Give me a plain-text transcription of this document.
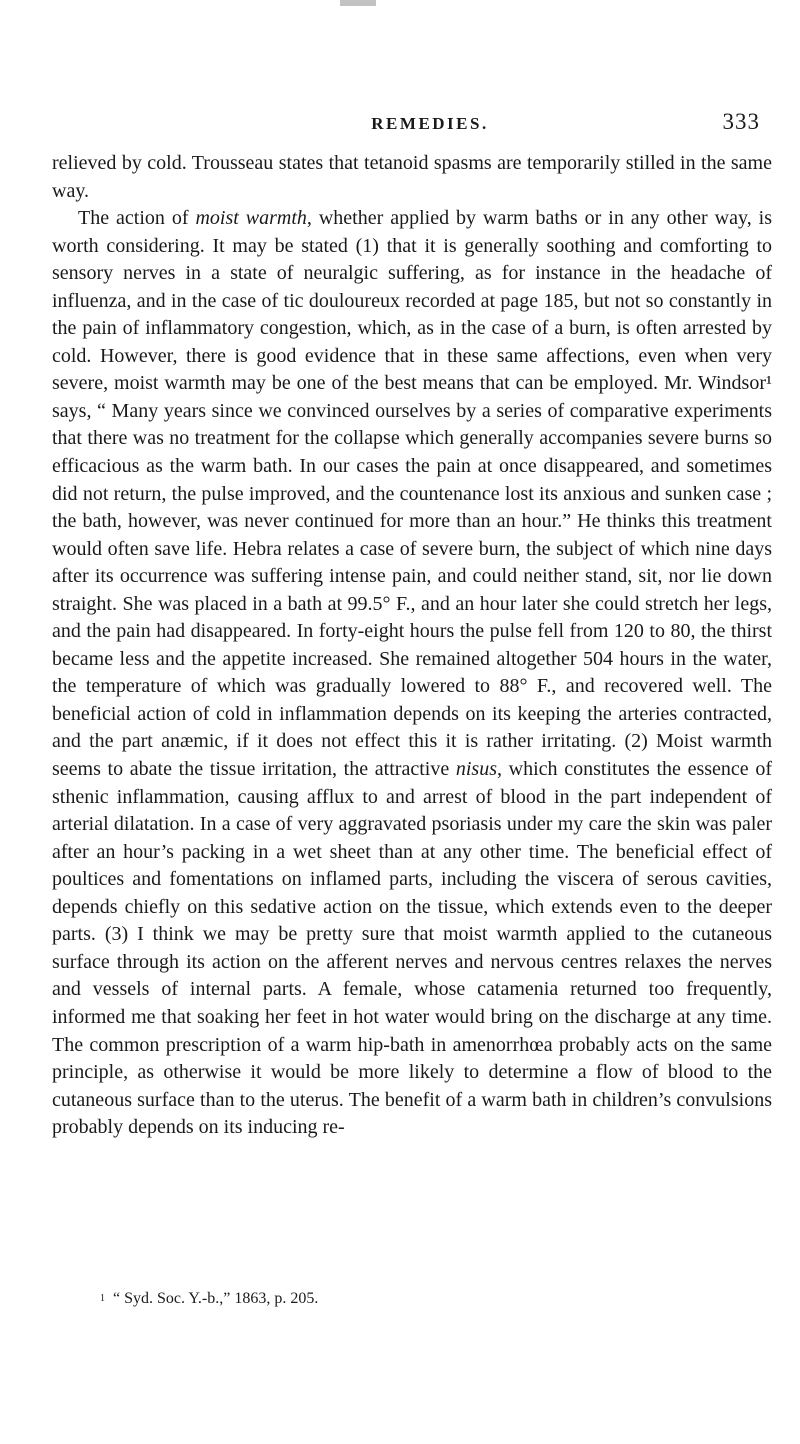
REMEDIES.	333

relieved by cold. Trousseau states that tetanoid spasms are temporarily stilled in the same way.

The action of moist warmth, whether applied by warm baths or in any other way, is worth considering. It may be stated (1) that it is generally soothing and comforting to sensory nerves in a state of neuralgic suffering, as for instance in the headache of influenza, and in the case of tic douloureux recorded at page 185, but not so constantly in the pain of inflammatory congestion, which, as in the case of a burn, is often arrested by cold. However, there is good evidence that in these same affections, even when very severe, moist warmth may be one of the best means that can be employed. Mr. Windsor¹ says, “ Many years since we convinced ourselves by a series of comparative experiments that there was no treatment for the collapse which generally accompanies severe burns so efficacious as the warm bath. In our cases the pain at once disappeared, and sometimes did not return, the pulse improved, and the countenance lost its anxious and sunken case ; the bath, however, was never continued for more than an hour.” He thinks this treatment would often save life. Hebra relates a case of severe burn, the subject of which nine days after its occurrence was suffering intense pain, and could neither stand, sit, nor lie down straight. She was placed in a bath at 99.5° F., and an hour later she could stretch her legs, and the pain had disappeared. In forty-eight hours the pulse fell from 120 to 80, the thirst became less and the appetite increased. She remained altogether 504 hours in the water, the temperature of which was gradually lowered to 88° F., and recovered well. The beneficial action of cold in inflammation depends on its keeping the arteries contracted, and the part anæmic, if it does not effect this it is rather irritating. (2) Moist warmth seems to abate the tissue irritation, the attractive nisus, which constitutes the essence of sthenic inflammation, causing afflux to and arrest of blood in the part independent of arterial dilatation. In a case of very aggravated psoriasis under my care the skin was paler after an hour’s packing in a wet sheet than at any other time. The beneficial effect of poultices and fomentations on inflamed parts, including the viscera of serous cavities, depends chiefly on this sedative action on the tissue, which extends even to the deeper parts. (3) I think we may be pretty sure that moist warmth applied to the cutaneous surface through its action on the afferent nerves and nervous centres relaxes the nerves and vessels of internal parts. A female, whose catamenia returned too frequently, informed me that soaking her feet in hot water would bring on the discharge at any time. The common prescription of a warm hip-bath in amenorrhœa probably acts on the same principle, as otherwise it would be more likely to determine a flow of blood to the cutaneous surface than to the uterus. The benefit of a warm bath in children’s convulsions probably depends on its inducing re-

$^1$ “ Syd. Soc. Y.-b.,” 1863, p. 205.
